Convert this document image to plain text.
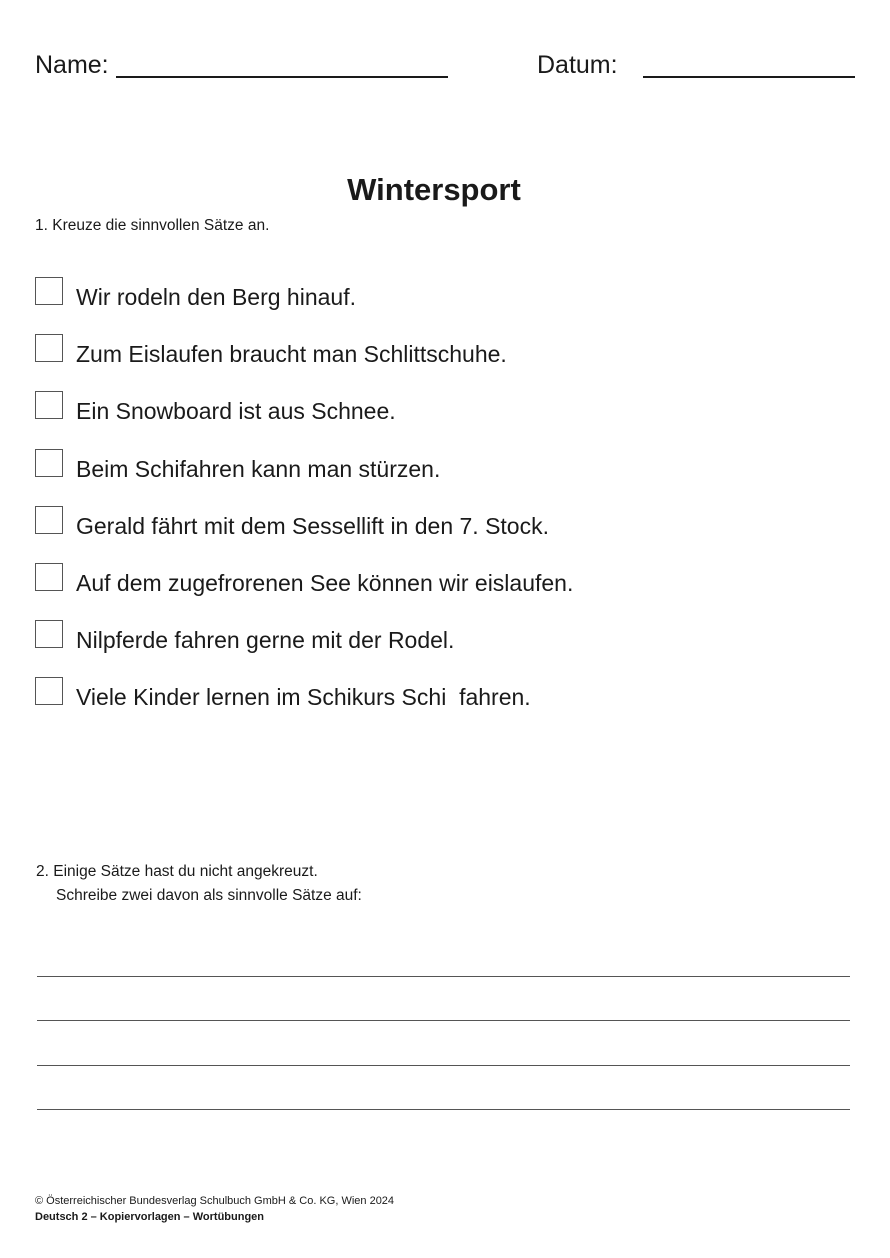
Name:	Datum:
Wintersport
1. Kreuze die sinnvollen Sätze an.
Wir rodeln den Berg hinauf.
Zum Eislaufen braucht man Schlittschuhe.
Ein Snowboard ist aus Schnee.
Beim Schifahren kann man stürzen.
Gerald fährt mit dem Sessellift in den 7. Stock.
Auf dem zugefrorenen See können wir eislaufen.
Nilpferde fahren gerne mit der Rodel.
Viele Kinder lernen im Schikurs Schi  fahren.
2. Einige Sätze hast du nicht angekreuzt.
Schreibe zwei davon als sinnvolle Sätze auf:
© Österreichischer Bundesverlag Schulbuch GmbH & Co. KG, Wien 2024
Deutsch 2 – Kopiervorlagen – Wortübungen
